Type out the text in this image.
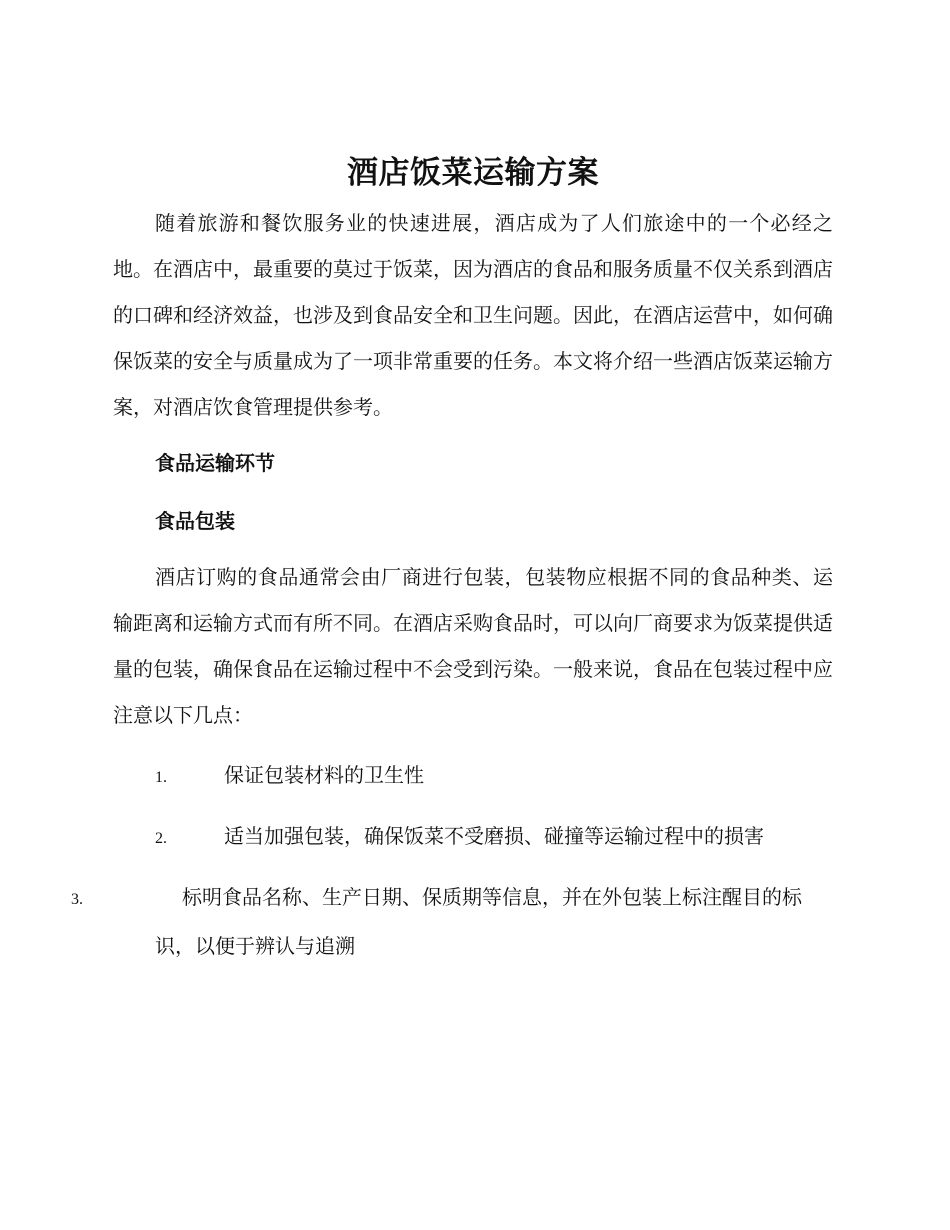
酒店饭菜运输方案

随着旅游和餐饮服务业的快速进展，酒店成为了人们旅途中的一个必经之地。在酒店中，最重要的莫过于饭菜，因为酒店的食品和服务质量不仅关系到酒店的口碑和经济效益，也涉及到食品安全和卫生问题。因此，在酒店运营中，如何确保饭菜的安全与质量成为了一项非常重要的任务。本文将介绍一些酒店饭菜运输方案，对酒店饮食管理提供参考。

食品运输环节
食品包装

酒店订购的食品通常会由厂商进行包装，包装物应根据不同的食品种类、运输距离和运输方式而有所不同。在酒店采购食品时，可以向厂商要求为饭菜提供适量的包装，确保食品在运输过程中不会受到污染。一般来说，食品在包装过程中应注意以下几点：

1.	保证包装材料的卫生性
2.	适当加强包装，确保饭菜不受磨损、碰撞等运输过程中的损害
3.	标明食品名称、生产日期、保质期等信息，并在外包装上标注醒目的标识，以便于辨认与追溯
